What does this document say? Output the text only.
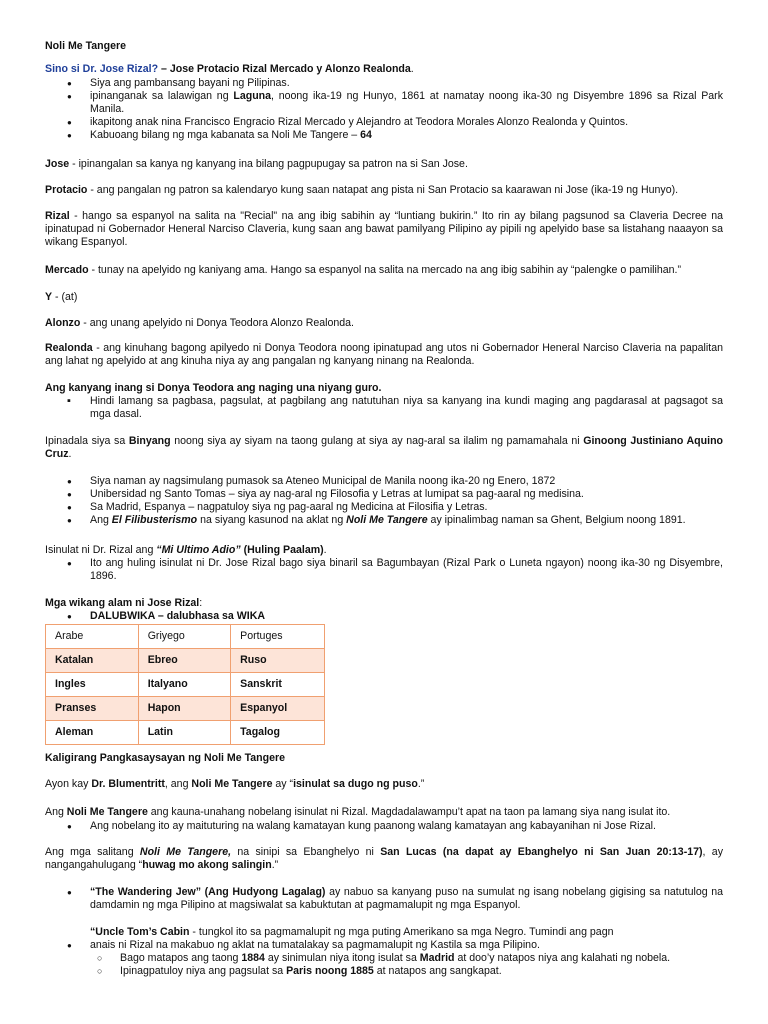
Noli Me Tangere

Sino si Dr. Jose Rizal? – Jose Protacio Rizal Mercado y Alonzo Realonda.

● Siya ang pambansang bayani ng Pilipinas.
● ipinanganak sa lalawigan ng Laguna, noong ika-19 ng Hunyo, 1861 at namatay noong ika-30 ng Disyembre 1896 sa Rizal Park Manila.
● ikapitong anak nina Francisco Engracio Rizal Mercado y Alejandro at Teodora Morales Alonzo Realonda y Quintos.
● Kabuoang bilang ng mga kabanata sa Noli Me Tangere – 64

Jose - ipinangalan sa kanya ng kanyang ina bilang pagpupugay sa patron na si San Jose.

Protacio - ang pangalan ng patron sa kalendaryo kung saan natapat ang pista ni San Protacio sa kaarawan ni Jose (ika-19 ng Hunyo).

Rizal - hango sa espanyol na salita na "Recial" na ang ibig sabihin ay “luntiang bukirin.” Ito rin ay bilang pagsunod sa Claveria Decree na ipinatupad ni Gobernador Heneral Narciso Claveria, kung saan ang bawat pamilyang Pilipino ay pipili ng apelyido base sa listahang naaayon sa wikang Espanyol.

Mercado - tunay na apelyido ng kaniyang ama. Hango sa espanyol na salita na mercado na ang ibig sabihin ay “palengke o pamilihan.”

Y - (at)

Alonzo - ang unang apelyido ni Donya Teodora Alonzo Realonda.

Realonda - ang kinuhang bagong apilyedo ni Donya Teodora noong ipinatupad ang utos ni Gobernador Heneral Narciso Claveria na papalitan ang lahat ng apelyido at ang kinuha niya ay ang pangalan ng kanyang ninang na Realonda.

Ang kanyang inang si Donya Teodora ang naging una niyang guro.

▪ Hindi lamang sa pagbasa, pagsulat, at pagbilang ang natutuhan niya sa kanyang ina kundi maging ang pagdarasal at pagsagot sa mga dasal.

Ipinadala siya sa Binyang noong siya ay siyam na taong gulang at siya ay nag-aral sa ilalim ng pamamahala ni Ginoong Justiniano Aquino Cruz.

● Siya naman ay nagsimulang pumasok sa Ateneo Municipal de Manila noong ika-20 ng Enero, 1872
● Unibersidad ng Santo Tomas – siya ay nag-aral ng Filosofia y Letras at lumipat sa pag-aaral ng medisina.
● Sa Madrid, Espanya – nagpatuloy siya ng pag-aaral ng Medicina at Filosifia y Letras.
● Ang El Filibusterismo na siyang kasunod na aklat ng Noli Me Tangere ay ipinalimbag naman sa Ghent, Belgium noong 1891.

Isinulat ni Dr. Rizal ang “Mi Ultimo Adio” (Huling Paalam).

● Ito ang huling isinulat ni Dr. Jose Rizal bago siya binaril sa Bagumbayan (Rizal Park o Luneta ngayon) noong ika-30 ng Disyembre, 1896.

Mga wikang alam ni Jose Rizal:

● DALUBWIKA – dalubhasa sa WIKA
Arabe	Griyego	Portuges
Katalan	Ebreo	Ruso
Ingles	Italyano	Sanskrit
Pranses	Hapon	Espanyol
Aleman	Latin	Tagalog

Kaligirang Pangkasaysayan ng Noli Me Tangere

Ayon kay Dr. Blumentritt, ang Noli Me Tangere ay “isinulat sa dugo ng puso.”

Ang Noli Me Tangere ang kauna-unahang nobelang isinulat ni Rizal. Magdadalawampu’t apat na taon pa lamang siya nang isulat ito.

● Ang nobelang ito ay maituturing na walang kamatayan kung paanong walang kamatayan ang kabayanihan ni Jose Rizal.

Ang mga salitang Noli Me Tangere, na sinipi sa Ebanghelyo ni San Lucas (na dapat ay Ebanghelyo ni San Juan 20:13-17), ay nangangahulugang “huwag mo akong salingin.”

● “The Wandering Jew” (Ang Hudyong Lagalag) ay nabuo sa kanyang puso na sumulat ng isang nobelang gigising sa natutulog na damdamin ng mga Pilipino at magsiwalat sa kabuktutan at pagmamalupit ng mga Espanyol.

“Uncle Tom’s Cabin - tungkol ito sa pagmamalupit ng mga puting Amerikano sa mga Negro. Tumindi ang pagn

● anais ni Rizal na makabuo ng aklat na tumatalakay sa pagmamalupit ng Kastila sa mga Pilipino.
○ Bago matapos ang taong 1884 ay sinimulan niya itong isulat sa Madrid at doo’y natapos niya ang kalahati ng nobela.
○ Ipinagpatuloy niya ang pagsulat sa Paris noong 1885 at natapos ang sangkapat.
